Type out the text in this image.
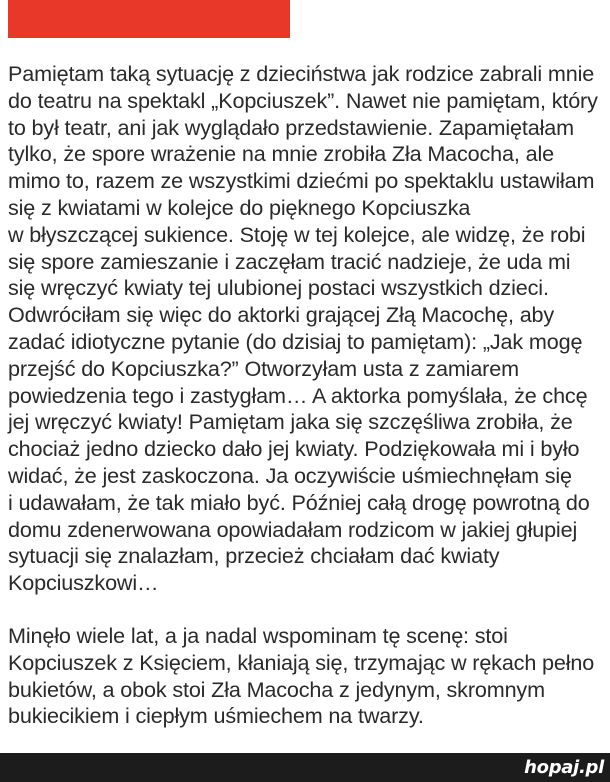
Pamiętam taką sytuację z dzieciństwa jak rodzice zabrali mnie
do teatru na spektakl „Kopciuszek”. Nawet nie pamiętam, który
to był teatr, ani jak wyglądało przedstawienie. Zapamiętałam
tylko, że spore wrażenie na mnie zrobiła Zła Macocha, ale
mimo to, razem ze wszystkimi dziećmi po spektaklu ustawiłam
się z kwiatami w kolejce do pięknego Kopciuszka
w błyszczącej sukience. Stoję w tej kolejce, ale widzę, że robi
się spore zamieszanie i zaczęłam tracić nadzieje, że uda mi
się wręczyć kwiaty tej ulubionej postaci wszystkich dzieci.
Odwróciłam się więc do aktorki grającej Złą Macochę, aby
zadać idiotyczne pytanie (do dzisiaj to pamiętam): „Jak mogę
przejść do Kopciuszka?” Otworzyłam usta z zamiarem
powiedzenia tego i zastygłam… A aktorka pomyślała, że chcę
jej wręczyć kwiaty! Pamiętam jaka się szczęśliwa zrobiła, że
chociaż jedno dziecko dało jej kwiaty. Podziękowała mi i było
widać, że jest zaskoczona. Ja oczywiście uśmiechnęłam się
i udawałam, że tak miało być. Później całą drogę powrotną do
domu zdenerwowana opowiadałam rodzicom w jakiej głupiej
sytuacji się znalazłam, przecież chciałam dać kwiaty
Kopciuszkowi…
Minęło wiele lat, a ja nadal wspominam tę scenę: stoi
Kopciuszek z Księciem, kłaniają się, trzymając w rękach pełno
bukietów, a obok stoi Zła Macocha z jedynym, skromnym
bukiecikiem i ciepłym uśmiechem na twarzy.
hopaj.pl
